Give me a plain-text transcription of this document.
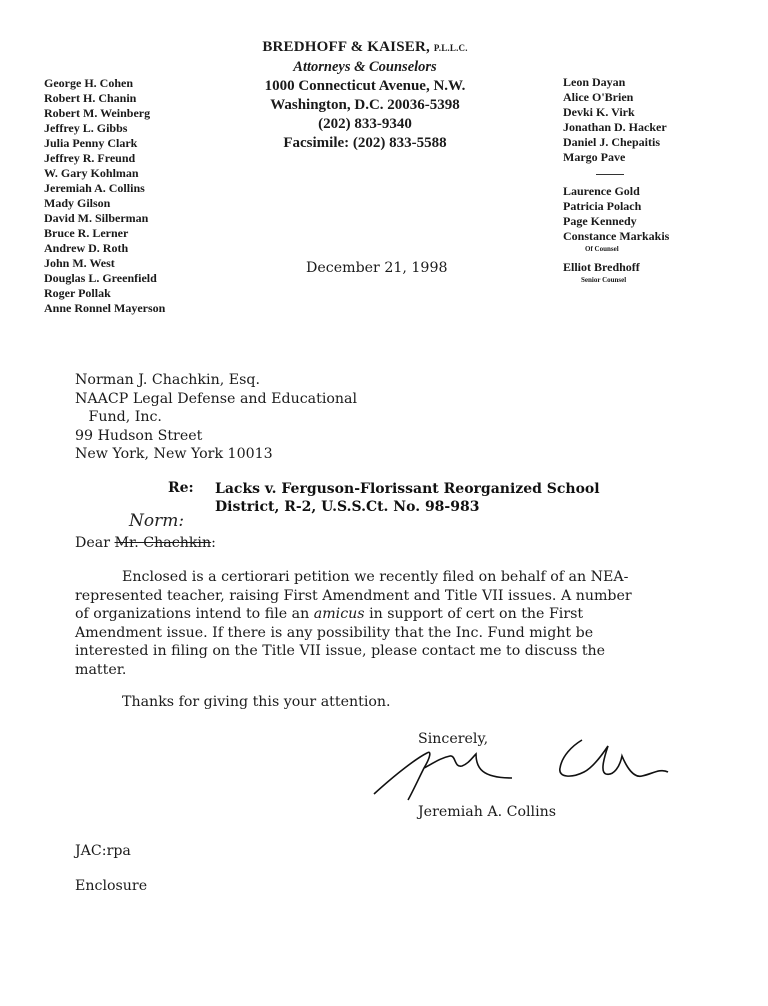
BREDHOFF & KAISER, P.L.L.C.
Attorneys & Counselors
1000 Connecticut Avenue, N.W.
Washington, D.C. 20036-5398
(202) 833-9340
Facsimile: (202) 833-5588
George H. Cohen
Robert H. Chanin
Robert M. Weinberg
Jeffrey L. Gibbs
Julia Penny Clark
Jeffrey R. Freund
W. Gary Kohlman
Jeremiah A. Collins
Mady Gilson
David M. Silberman
Bruce R. Lerner
Andrew D. Roth
John M. West
Douglas L. Greenfield
Roger Pollak
Anne Ronnel Mayerson
Leon Dayan
Alice O'Brien
Devki K. Virk
Jonathan D. Hacker
Daniel J. Chepaitis
Margo Pave
Laurence Gold
Patricia Polach
Page Kennedy
Constance Markakis
Of Counsel
Elliot Bredhoff
Senior Counsel
December 21, 1998
Norman J. Chachkin, Esq.
NAACP Legal Defense and Educational
Fund, Inc.
99 Hudson Street
New York, New York 10013
Re: Lacks v. Ferguson-Florissant Reorganized School
District, R-2, U.S.S.Ct. No. 98-983
Norm:
Dear Mr. Chachkin:
Enclosed is a certiorari petition we recently filed on behalf of an NEA-
represented teacher, raising First Amendment and Title VII issues. A number
of organizations intend to file an amicus in support of cert on the First
Amendment issue. If there is any possibility that the Inc. Fund might be
interested in filing on the Title VII issue, please contact me to discuss the
matter.
Thanks for giving this your attention.
Sincerely,
Jeremiah A. Collins
JAC:rpa
Enclosure
